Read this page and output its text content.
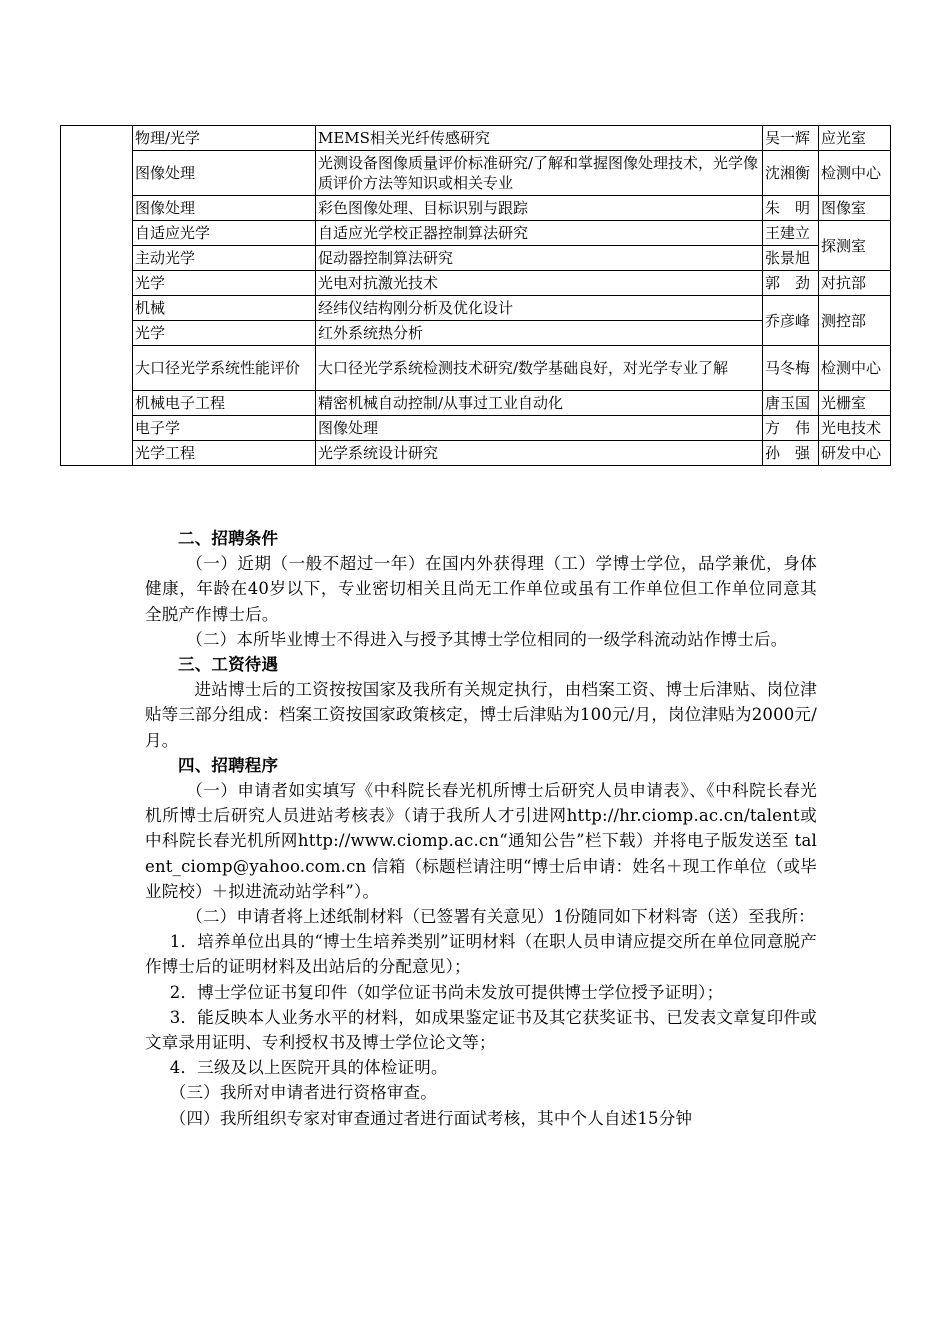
	物理/光学	MEMS相关光纤传感研究	吴一辉	应光室
	图像处理	光测设备图像质量评价标准研究/了解和掌握图像处理技术，光学像质评价方法等知识或相关专业	沈湘衡	检测中心
	图像处理	彩色图像处理、目标识别与跟踪	朱　明	图像室
	自适应光学	自适应光学校正器控制算法研究	王建立	探测室
	主动光学	促动器控制算法研究	张景旭	
	光学	光电对抗激光技术	郭　劲	对抗部
	机械	经纬仪结构刚分析及优化设计	乔彦峰	测控部
	光学	红外系统热分析		
	大口径光学系统性能评价	大口径光学系统检测技术研究/数学基础良好，对光学专业了解	马冬梅	检测中心
	机械电子工程	精密机械自动控制/从事过工业自动化	唐玉国	光栅室
	电子学	图像处理	方　伟	光电技术
	光学工程	光学系统设计研究	孙　强	研发中心

二、招聘条件

（一）近期（一般不超过一年）在国内外获得理（工）学博士学位，品学兼优，身体健康，年龄在40岁以下，专业密切相关且尚无工作单位或虽有工作单位但工作单位同意其全脱产作博士后。

（二）本所毕业博士不得进入与授予其博士学位相同的一级学科流动站作博士后。

三、工资待遇

进站博士后的工资按按国家及我所有关规定执行，由档案工资、博士后津贴、岗位津贴等三部分组成：档案工资按国家政策核定，博士后津贴为100元/月，岗位津贴为2000元/月。

四、招聘程序

（一）申请者如实填写《中科院长春光机所博士后研究人员申请表》、《中科院长春光机所博士后研究人员进站考核表》（请于我所人才引进网http://hr.ciomp.ac.cn/talent或中科院长春光机所网http://www.ciomp.ac.cn“通知公告”栏下载）并将电子版发送至 talent_ciomp@yahoo.com.cn 信箱（标题栏请注明“博士后申请：姓名＋现工作单位（或毕业院校）＋拟进流动站学科”）。

（二）申请者将上述纸制材料（已签署有关意见）1份随同如下材料寄（送）至我所：

1．培养单位出具的“博士生培养类别”证明材料（在职人员申请应提交所在单位同意脱产作博士后的证明材料及出站后的分配意见）；

2．博士学位证书复印件（如学位证书尚未发放可提供博士学位授予证明）；

3．能反映本人业务水平的材料，如成果鉴定证书及其它获奖证书、已发表文章复印件或文章录用证明、专利授权书及博士学位论文等；

4．三级及以上医院开具的体检证明。

（三）我所对申请者进行资格审查。

（四）我所组织专家对审查通过者进行面试考核，其中个人自述15分钟
